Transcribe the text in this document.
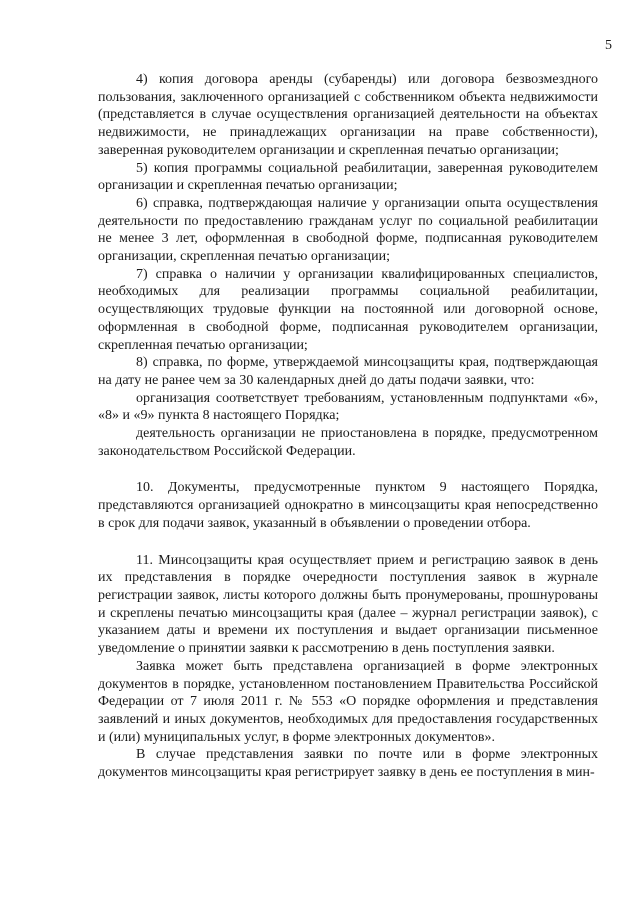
5

4) копия договора аренды (субаренды) или договора безвозмездного пользования, заключенного организацией с собственником объекта недвижимости (представляется в случае осуществления организацией деятельности на объектах недвижимости, не принадлежащих организации на праве собственности), заверенная руководителем организации и скрепленная печатью организации;

5) копия программы социальной реабилитации, заверенная руководителем организации и скрепленная печатью организации;

6) справка, подтверждающая наличие у организации опыта осуществления деятельности по предоставлению гражданам услуг по социальной реабилитации не менее 3 лет, оформленная в свободной форме, подписанная руководителем организации, скрепленная печатью организации;

7) справка о наличии у организации квалифицированных специалистов, необходимых для реализации программы социальной реабилитации, осуществляющих трудовые функции на постоянной или договорной основе, оформленная в свободной форме, подписанная руководителем организации, скрепленная печатью организации;

8) справка, по форме, утверждаемой минсоцзащиты края, подтверждающая на дату не ранее чем за 30 календарных дней до даты подачи заявки, что:

организация соответствует требованиям, установленным подпунктами «6», «8» и «9» пункта 8 настоящего Порядка;

деятельность организации не приостановлена в порядке, предусмотренном законодательством Российской Федерации.

10. Документы, предусмотренные пунктом 9 настоящего Порядка, представляются организацией однократно в минсоцзащиты края непосредственно в срок для подачи заявок, указанный в объявлении о проведении отбора.

11. Минсоцзащиты края осуществляет прием и регистрацию заявок в день их представления в порядке очередности поступления заявок в журнале регистрации заявок, листы которого должны быть пронумерованы, прошнурованы и скреплены печатью минсоцзащиты края (далее – журнал регистрации заявок), с указанием даты и времени их поступления и выдает организации письменное уведомление о принятии заявки к рассмотрению в день поступления заявки.

Заявка может быть представлена организацией в форме электронных документов в порядке, установленном постановлением Правительства Российской Федерации от 7 июля 2011 г. № 553 «О порядке оформления и представления заявлений и иных документов, необходимых для предоставления государственных и (или) муниципальных услуг, в форме электронных документов».

В случае представления заявки по почте или в форме электронных документов минсоцзащиты края регистрирует заявку в день ее поступления в мин-
